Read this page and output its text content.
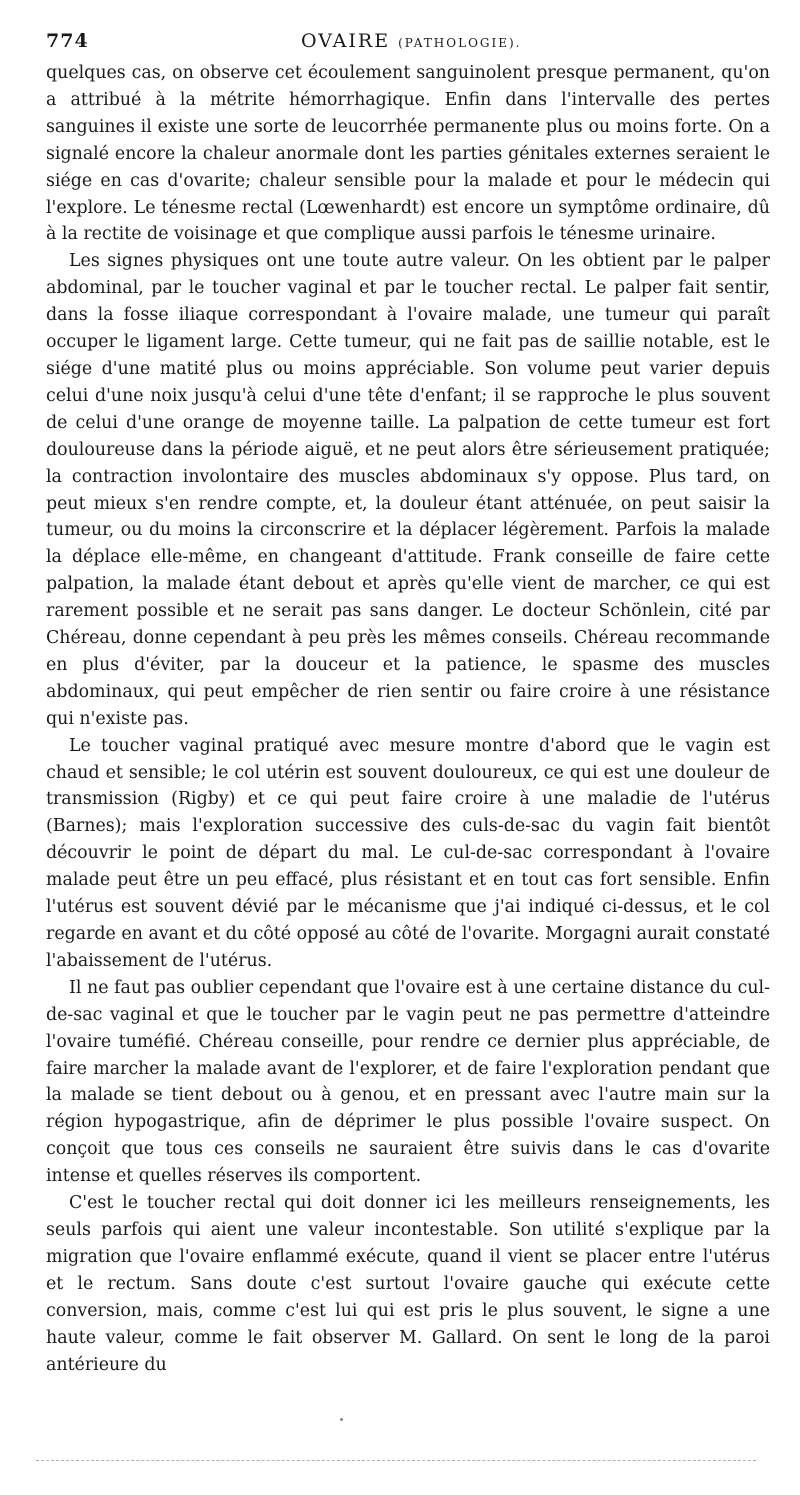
774	OVAIRE (PATHOLOGIE).

quelques cas, on observe cet écoulement sanguinolent presque permanent, qu'on a attribué à la métrite hémorrhagique. Enfin dans l'intervalle des pertes sanguines il existe une sorte de leucorrhée permanente plus ou moins forte. On a signalé encore la chaleur anormale dont les parties génitales externes seraient le siége en cas d'ovarite; chaleur sensible pour la malade et pour le médecin qui l'explore. Le ténesme rectal (Lœwenhardt) est encore un symptôme ordinaire, dû à la rectite de voisinage et que complique aussi parfois le ténesme urinaire.

Les signes physiques ont une toute autre valeur. On les obtient par le palper abdominal, par le toucher vaginal et par le toucher rectal. Le palper fait sentir, dans la fosse iliaque correspondant à l'ovaire malade, une tumeur qui paraît occuper le ligament large. Cette tumeur, qui ne fait pas de saillie notable, est le siége d'une matité plus ou moins appréciable. Son volume peut varier depuis celui d'une noix jusqu'à celui d'une tête d'enfant; il se rapproche le plus souvent de celui d'une orange de moyenne taille. La palpation de cette tumeur est fort douloureuse dans la période aiguë, et ne peut alors être sérieusement pratiquée; la contraction involontaire des muscles abdominaux s'y oppose. Plus tard, on peut mieux s'en rendre compte, et, la douleur étant atténuée, on peut saisir la tumeur, ou du moins la circonscrire et la déplacer légèrement. Parfois la malade la déplace elle-même, en changeant d'attitude. Frank conseille de faire cette palpation, la malade étant debout et après qu'elle vient de marcher, ce qui est rarement possible et ne serait pas sans danger. Le docteur Schönlein, cité par Chéreau, donne cependant à peu près les mêmes conseils. Chéreau recommande en plus d'éviter, par la douceur et la patience, le spasme des muscles abdominaux, qui peut empêcher de rien sentir ou faire croire à une résistance qui n'existe pas.

Le toucher vaginal pratiqué avec mesure montre d'abord que le vagin est chaud et sensible; le col utérin est souvent douloureux, ce qui est une douleur de transmission (Rigby) et ce qui peut faire croire à une maladie de l'utérus (Barnes); mais l'exploration successive des culs-de-sac du vagin fait bientôt découvrir le point de départ du mal. Le cul-de-sac correspondant à l'ovaire malade peut être un peu effacé, plus résistant et en tout cas fort sensible. Enfin l'utérus est souvent dévié par le mécanisme que j'ai indiqué ci-dessus, et le col regarde en avant et du côté opposé au côté de l'ovarite. Morgagni aurait constaté l'abaissement de l'utérus.

Il ne faut pas oublier cependant que l'ovaire est à une certaine distance du cul-de-sac vaginal et que le toucher par le vagin peut ne pas permettre d'atteindre l'ovaire tuméfié. Chéreau conseille, pour rendre ce dernier plus appréciable, de faire marcher la malade avant de l'explorer, et de faire l'exploration pendant que la malade se tient debout ou à genou, et en pressant avec l'autre main sur la région hypogastrique, afin de déprimer le plus possible l'ovaire suspect. On conçoit que tous ces conseils ne sauraient être suivis dans le cas d'ovarite intense et quelles réserves ils comportent.

C'est le toucher rectal qui doit donner ici les meilleurs renseignements, les seuls parfois qui aient une valeur incontestable. Son utilité s'explique par la migration que l'ovaire enflammé exécute, quand il vient se placer entre l'utérus et le rectum. Sans doute c'est surtout l'ovaire gauche qui exécute cette conversion, mais, comme c'est lui qui est pris le plus souvent, le signe a une haute valeur, comme le fait observer M. Gallard. On sent le long de la paroi antérieure du
